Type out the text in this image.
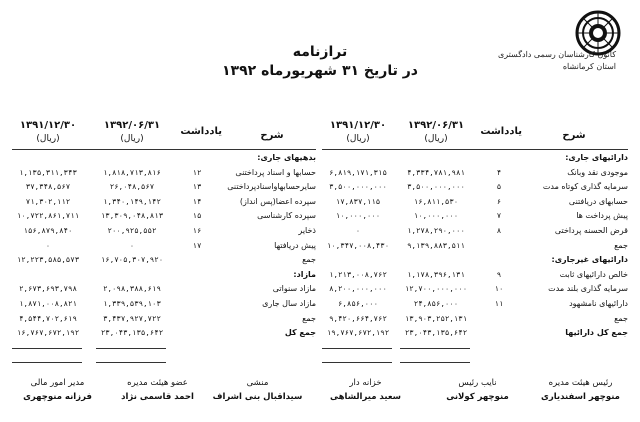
کانون کارشناسان رسمی دادگستری
استان کرمانشاه
ترازنامه
در تاریخ ۳۱ شهریورماه ۱۳۹۲
شرح
یادداشت
۱۳۹۲/۰۶/۳۱
۱۳۹۱/۱۲/۳۰
(ریال)
(ریال)
شرح
یادداشت
۱۳۹۲/۰۶/۳۱
۱۳۹۱/۱۲/۳۰
(ریال)
(ریال)
دارائیهای جاری:
موجودی نقد وبانک
۴
۴,۳۳۴,۷۸۱,۹۸۱
۶,۸۱۹,۱۷۱,۳۱۵
سرمایه گذاری کوتاه مدت
۵
۳,۵۰۰,۰۰۰,۰۰۰
۳,۵۰۰,۰۰۰,۰۰۰
حسابهای دریافتنی
۶
۱۶,۸۱۱,۵۳۰
۱۷,۸۳۷,۱۱۵
پیش پرداخت ها
۷
۱۰,۰۰۰,۰۰۰
۱۰,۰۰۰,۰۰۰
قرض الحسنه پرداختی
۸
۱,۲۷۸,۲۹۰,۰۰۰
۰
جمع
۹,۱۳۹,۸۸۳,۵۱۱
۱۰,۳۴۷,۰۰۸,۴۳۰
دارائیهای غیرجاری:
خالص دارائیهای ثابت
۹
۱,۱۷۸,۳۹۶,۱۳۱
۱,۲۱۳,۰۰۸,۷۶۲
سرمایه گذاری بلند مدت
۱۰
۱۲,۷۰۰,۰۰۰,۰۰۰
۸,۲۰۰,۰۰۰,۰۰۰
دارائیهای نامشهود
۱۱
۲۴,۸۵۶,۰۰۰
۶,۸۵۶,۰۰۰
جمع
۱۳,۹۰۳,۲۵۲,۱۳۱
۹,۴۲۰,۶۶۴,۷۶۲
جمع کل دارائیها
۲۳,۰۴۳,۱۳۵,۶۴۲
۱۹,۷۶۷,۶۷۲,۱۹۲
بدهیهای جاری:
حسابها و اسناد پرداختنی
۱۲
۱,۸۱۸,۷۱۳,۸۱۶
۱,۱۳۵,۳۱۱,۳۴۳
سایرحسابهاواسنادپرداختنی
۱۳
۲۶,۰۴۸,۵۶۷
۳۷,۳۴۸,۵۶۷
سپرده اعضا(پس انداز)
۱۴
۱,۳۴۰,۱۴۹,۱۴۲
۷۱,۳۰۲,۱۱۲
سپرده کارشناسی
۱۵
۱۳,۳۰۹,۰۴۸,۸۱۳
۱۰,۷۲۲,۸۶۱,۷۱۱
ذخایر
۱۶
۲۰۰,۹۲۵,۵۵۲
۱۵۶,۸۷۹,۸۴۰
پیش دریافتها
۱۷
۰
۰
جمع
۱۶,۷۰۵,۳۰۷,۹۲۰
۱۲,۲۲۳,۵۸۵,۵۷۳
مازاد:
مازاد سنواتی
۲,۰۹۸,۳۸۸,۶۱۹
۲,۶۷۳,۶۹۳,۷۹۸
مازاد سال جاری
۱,۳۳۹,۵۳۹,۱۰۳
۱,۸۷۱,۰۰۸,۸۲۱
جمع
۳,۴۳۷,۹۲۷,۷۲۲
۴,۵۴۴,۷۰۲,۶۱۹
جمع کل
۲۳,۰۴۳,۱۳۵,۶۴۲
۱۶,۷۶۷,۶۷۲,۱۹۲
رئیس هیئت مدیره
منوچهر اسفندیاری
نایب رئیس
منوچهر کولانی
خزانه دار
سعید میرالشاهی
منشی
سیداقبال بنی اشراف
عضو هیئت مدیره
احمد قاسمی نژاد
مدیر امور مالی
فرزانه منوچهری
